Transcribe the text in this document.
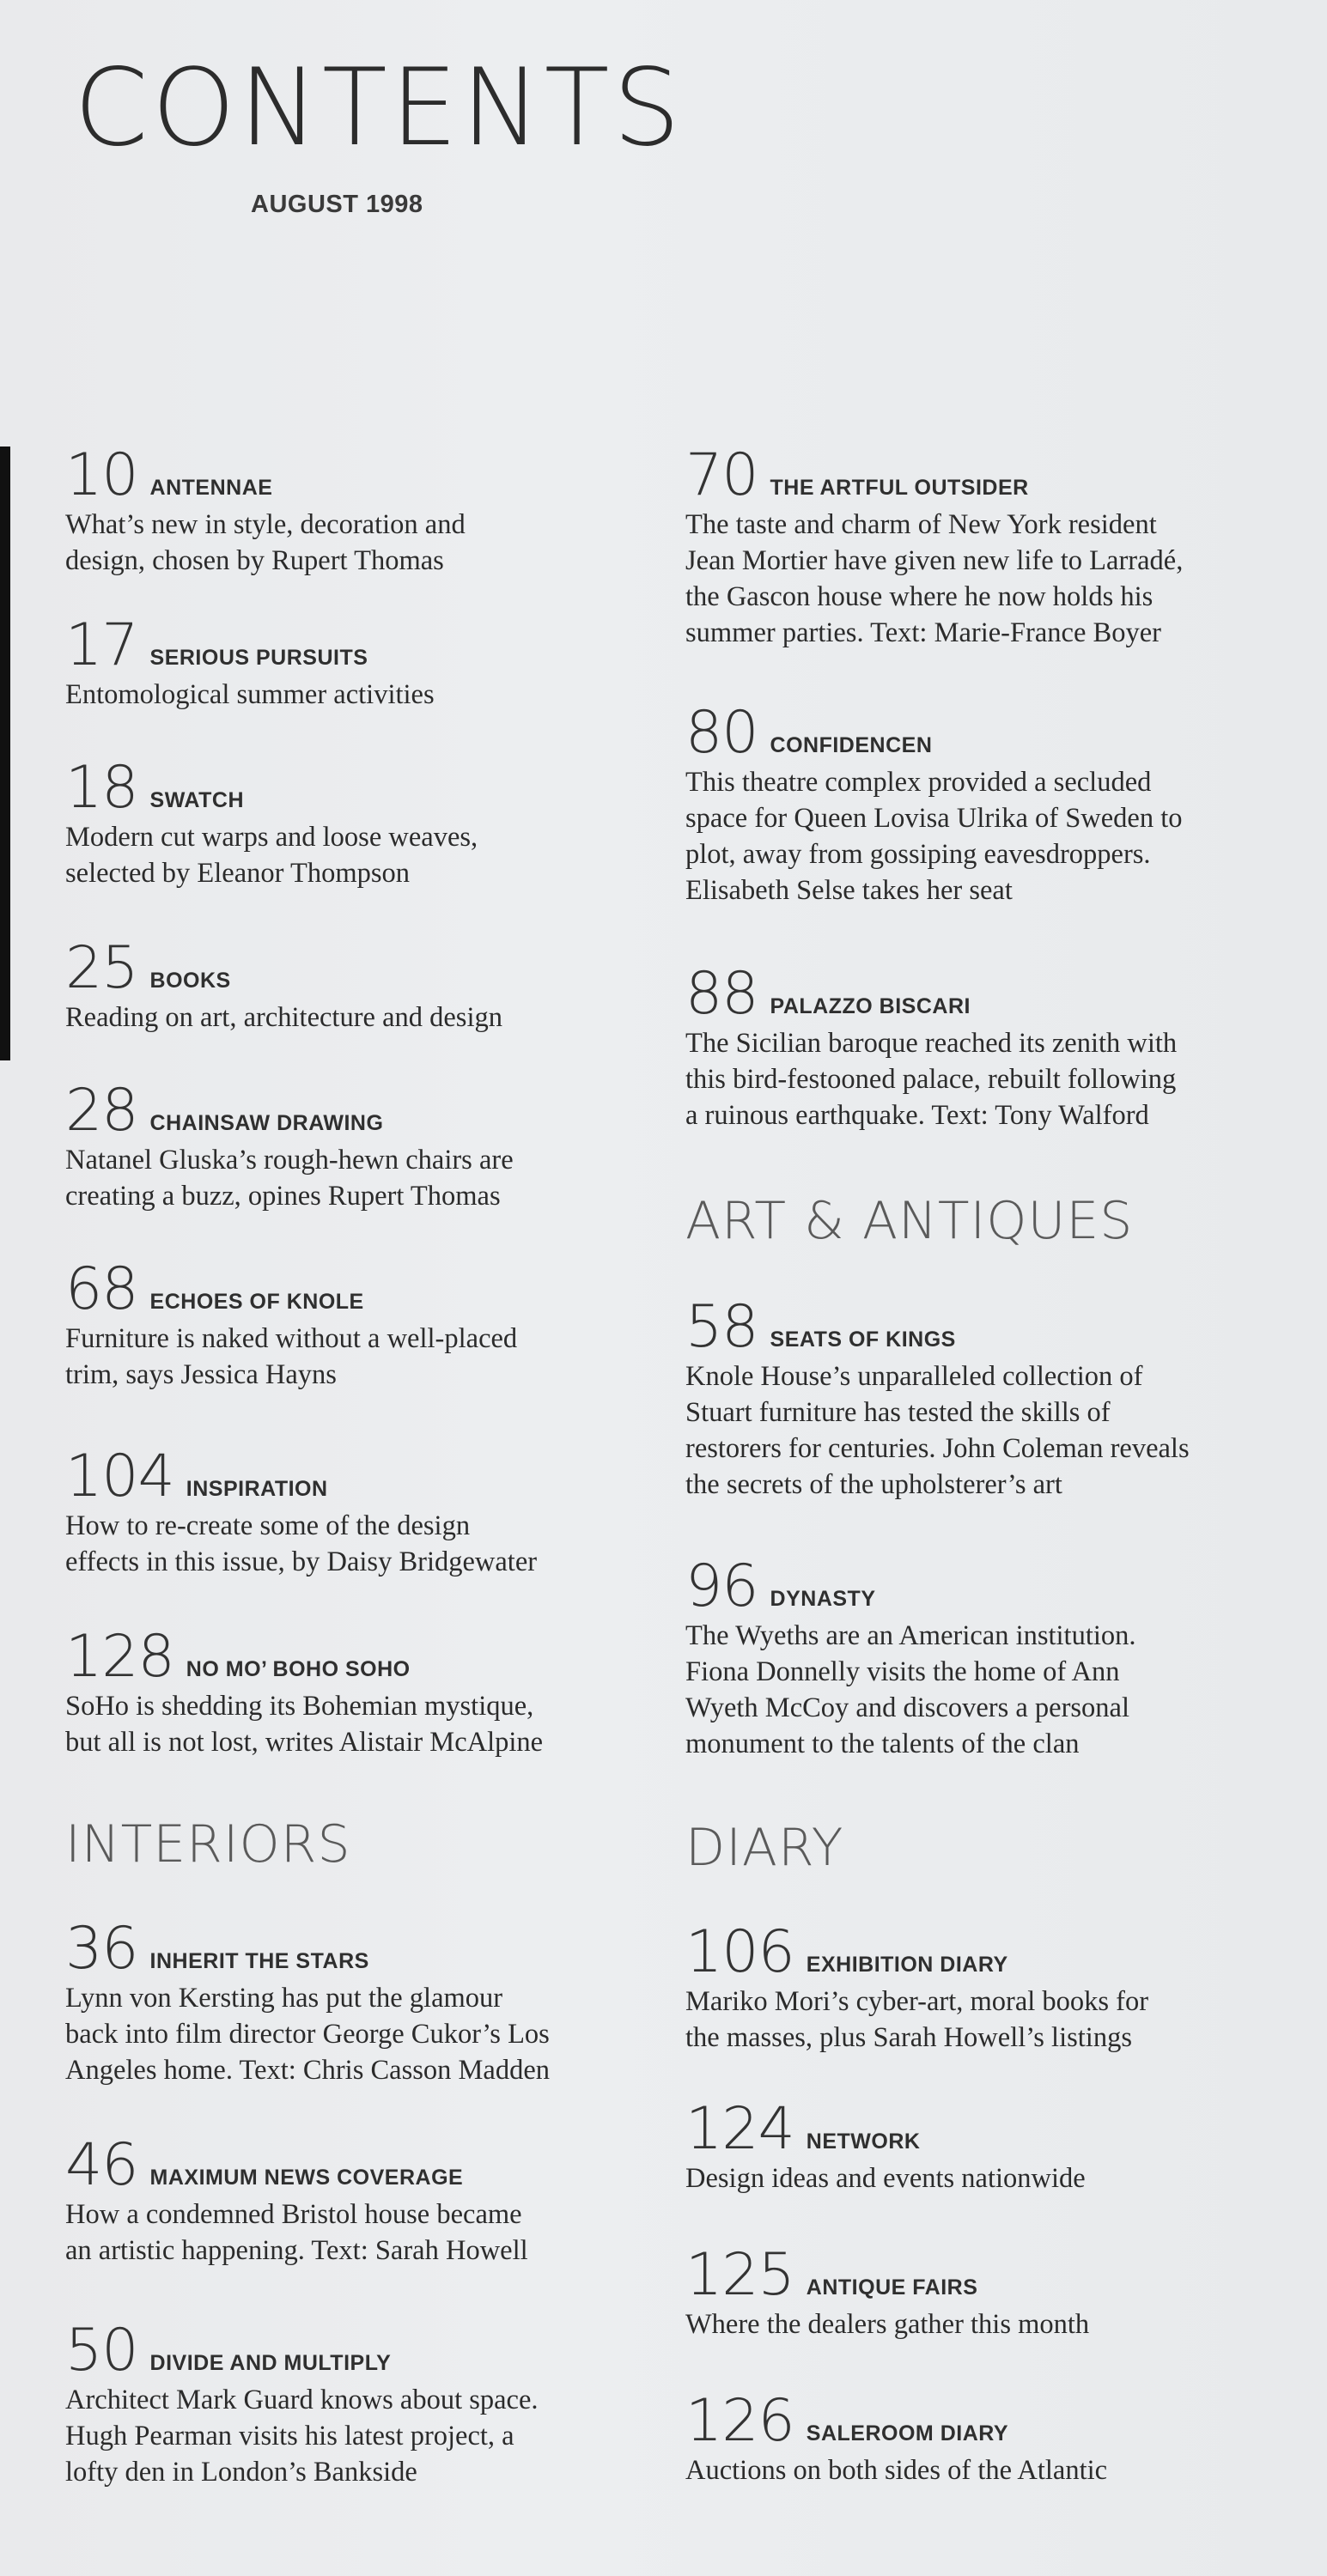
CONTENTS
AUGUST 1998
10 ANTENNAE
What’s new in style, decoration and
design, chosen by Rupert Thomas
17 SERIOUS PURSUITS
Entomological summer activities
18 SWATCH
Modern cut warps and loose weaves,
selected by Eleanor Thompson
25 BOOKS
Reading on art, architecture and design
28 CHAINSAW DRAWING
Natanel Gluska’s rough-hewn chairs are
creating a buzz, opines Rupert Thomas
68 ECHOES OF KNOLE
Furniture is naked without a well-placed
trim, says Jessica Hayns
104 INSPIRATION
How to re-create some of the design
effects in this issue, by Daisy Bridgewater
128 NO MO’ BOHO SOHO
SoHo is shedding its Bohemian mystique,
but all is not lost, writes Alistair McAlpine
INTERIORS
36 INHERIT THE STARS
Lynn von Kersting has put the glamour
back into film director George Cukor’s Los
Angeles home. Text: Chris Casson Madden
46 MAXIMUM NEWS COVERAGE
How a condemned Bristol house became
an artistic happening. Text: Sarah Howell
50 DIVIDE AND MULTIPLY
Architect Mark Guard knows about space.
Hugh Pearman visits his latest project, a
lofty den in London’s Bankside
70 THE ARTFUL OUTSIDER
The taste and charm of New York resident
Jean Mortier have given new life to Larradé,
the Gascon house where he now holds his
summer parties. Text: Marie-France Boyer
80 CONFIDENCEN
This theatre complex provided a secluded
space for Queen Lovisa Ulrika of Sweden to
plot, away from gossiping eavesdroppers.
Elisabeth Selse takes her seat
88 PALAZZO BISCARI
The Sicilian baroque reached its zenith with
this bird-festooned palace, rebuilt following
a ruinous earthquake. Text: Tony Walford
ART & ANTIQUES
58 SEATS OF KINGS
Knole House’s unparalleled collection of
Stuart furniture has tested the skills of
restorers for centuries. John Coleman reveals
the secrets of the upholsterer’s art
96 DYNASTY
The Wyeths are an American institution.
Fiona Donnelly visits the home of Ann
Wyeth McCoy and discovers a personal
monument to the talents of the clan
DIARY
106 EXHIBITION DIARY
Mariko Mori’s cyber-art, moral books for
the masses, plus Sarah Howell’s listings
124 NETWORK
Design ideas and events nationwide
125 ANTIQUE FAIRS
Where the dealers gather this month
126 SALEROOM DIARY
Auctions on both sides of the Atlantic
